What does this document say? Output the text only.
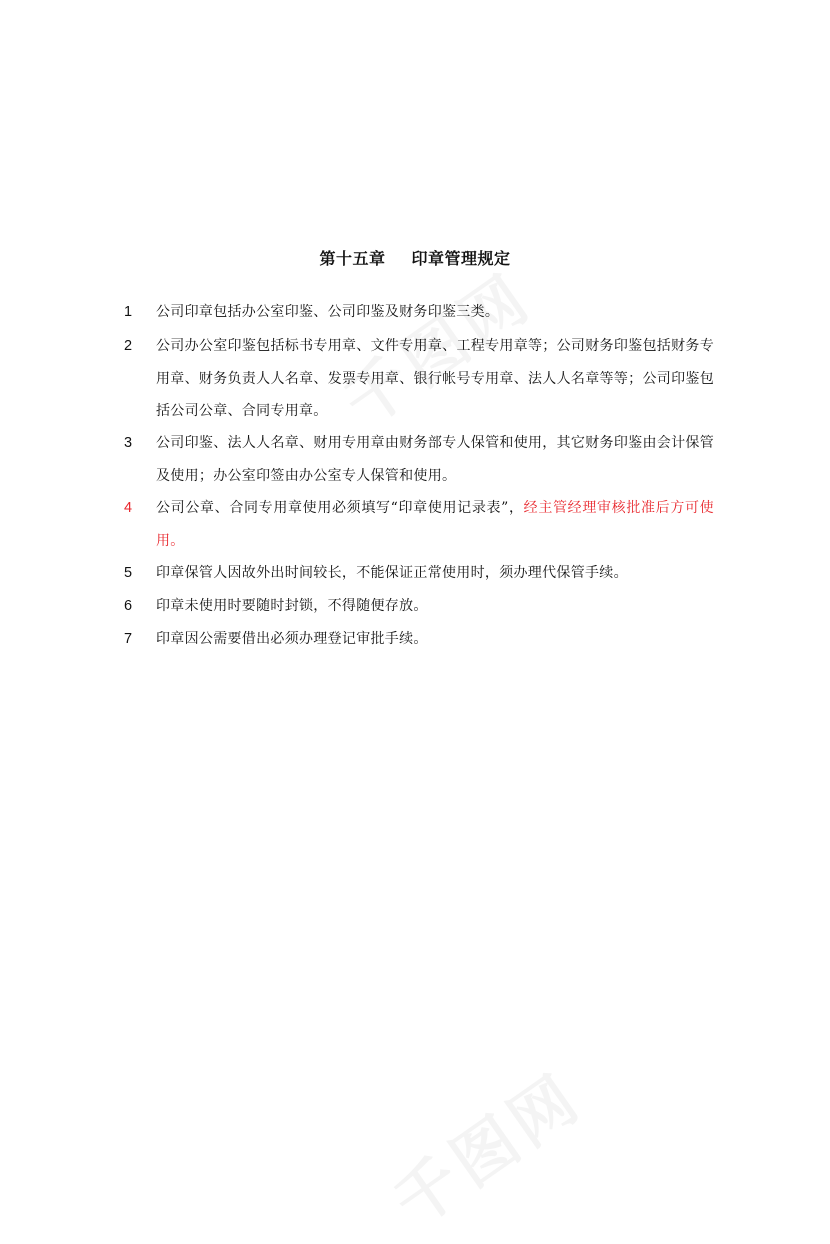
第十五章 印章管理规定
1	公司印章包括办公室印鉴、公司印鉴及财务印鉴三类。
2	公司办公室印鉴包括标书专用章、文件专用章、工程专用章等；公司财务印鉴包括财务专用章、财务负责人人名章、发票专用章、银行帐号专用章、法人人名章等等；公司印鉴包括公司公章、合同专用章。
3	公司印鉴、法人人名章、财用专用章由财务部专人保管和使用，其它财务印鉴由会计保管及使用；办公室印签由办公室专人保管和使用。
4	公司公章、合同专用章使用必须填写“印章使用记录表”，经主管经理审核批准后方可使用。
5	印章保管人因故外出时间较长，不能保证正常使用时，须办理代保管手续。
6	印章未使用时要随时封锁，不得随便存放。
7	印章因公需要借出必须办理登记审批手续。
